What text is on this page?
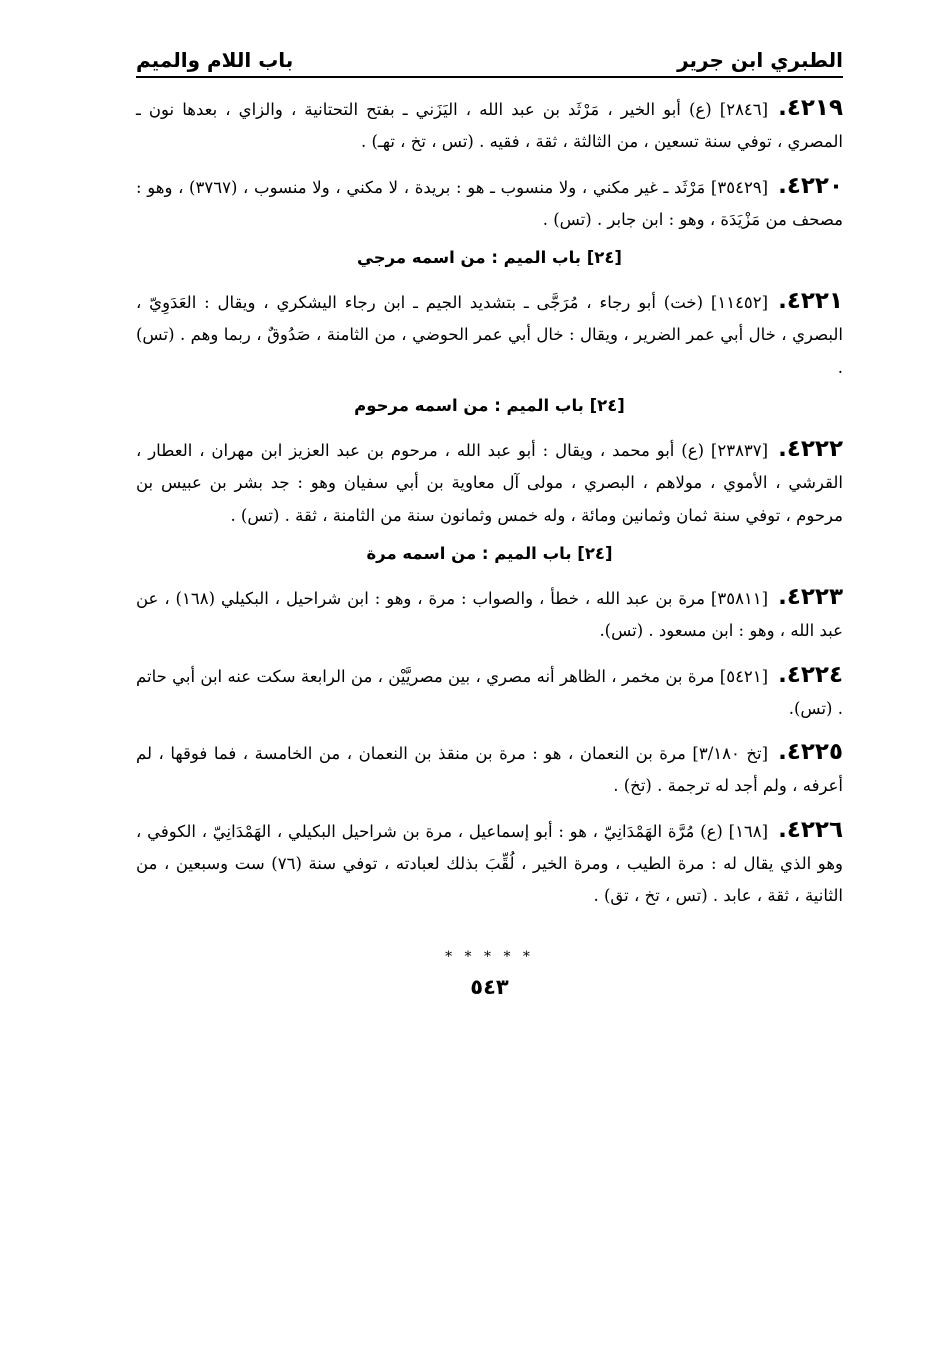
الطبري ابن جرير
باب اللام والميم
٤٢١٩.[٢٨٤٦] (ع) أبو الخير ، مَرْثَد بن عبد الله ، اليَزَني ـ بفتح التحتانية ، والزاي ، بعدها نون ـ المصري ، توفي سنة تسعين ، من الثالثة ، ثقة ، فقيه . (تس ، تخ ، تهـ) .
٤٢٢٠.[٣٥٤٢٩] مَرْثَد ـ غير مكني ، ولا منسوب ـ هو : بريدة ، لا مكني ، ولا منسوب ، (٣٧٦٧) ، وهو : مصحف من مَزْيَدَة ، وهو : ابن جابر . (تس) .
[٢٤] باب الميم : من اسمه مرجي
٤٢٢١.[١١٤٥٢] (خت) أبو رجاء ، مُرَجَّى ـ بتشديد الجيم ـ ابن رجاء اليشكري ، ويقال : العَدَوِيّ ، البصري ، خال أبي عمر الضرير ، ويقال : خال أبي عمر الحوضي ، من الثامنة ، صَدُوقٌ ، ربما وهم . (تس) .
[٢٤] باب الميم : من اسمه مرحوم
٤٢٢٢.[٢٣٨٣٧] (ع) أبو محمد ، ويقال : أبو عبد الله ، مرحوم بن عبد العزيز ابن مهران ، العطار ، القرشي ، الأموي ، مولاهم ، البصري ، مولى آل معاوية بن أبي سفيان وهو : جد بشر بن عبيس بن مرحوم ، توفي سنة ثمان وثمانين ومائة ، وله خمس وثمانون سنة من الثامنة ، ثقة . (تس) .
[٢٤] باب الميم : من اسمه مرة
٤٢٢٣.[٣٥٨١١] مرة بن عبد الله ، خطأ ، والصواب : مرة ، وهو : ابن شراحيل ، البكيلي (١٦٨) ، عن عبد الله ، وهو : ابن مسعود . (تس).
٤٢٢٤.[٥٤٢١] مرة بن مخمر ، الظاهر أنه مصري ، بين مصريَّيْن ، من الرابعة سكت عنه ابن أبي حاتم . (تس).
٤٢٢٥.[تخ ٣/١٨٠] مرة بن النعمان ، هو : مرة بن منقذ بن النعمان ، من الخامسة ، فما فوقها ، لم أعرفه ، ولم أجد له ترجمة . (تخ) .
٤٢٢٦.[١٦٨] (ع) مُرَّة الهَمْدَانِيّ ، هو : أبو إسماعيل ، مرة بن شراحيل البكيلي ، الهَمْدَانِيّ ، الكوفي ، وهو الذي يقال له : مرة الطيب ، ومرة الخير ، لُقِّبَ بذلك لعبادته ، توفي سنة (٧٦) ست وسبعين ، من الثانية ، ثقة ، عابد . (تس ، تخ ، تق) .
* * * * *
٥٤٣
